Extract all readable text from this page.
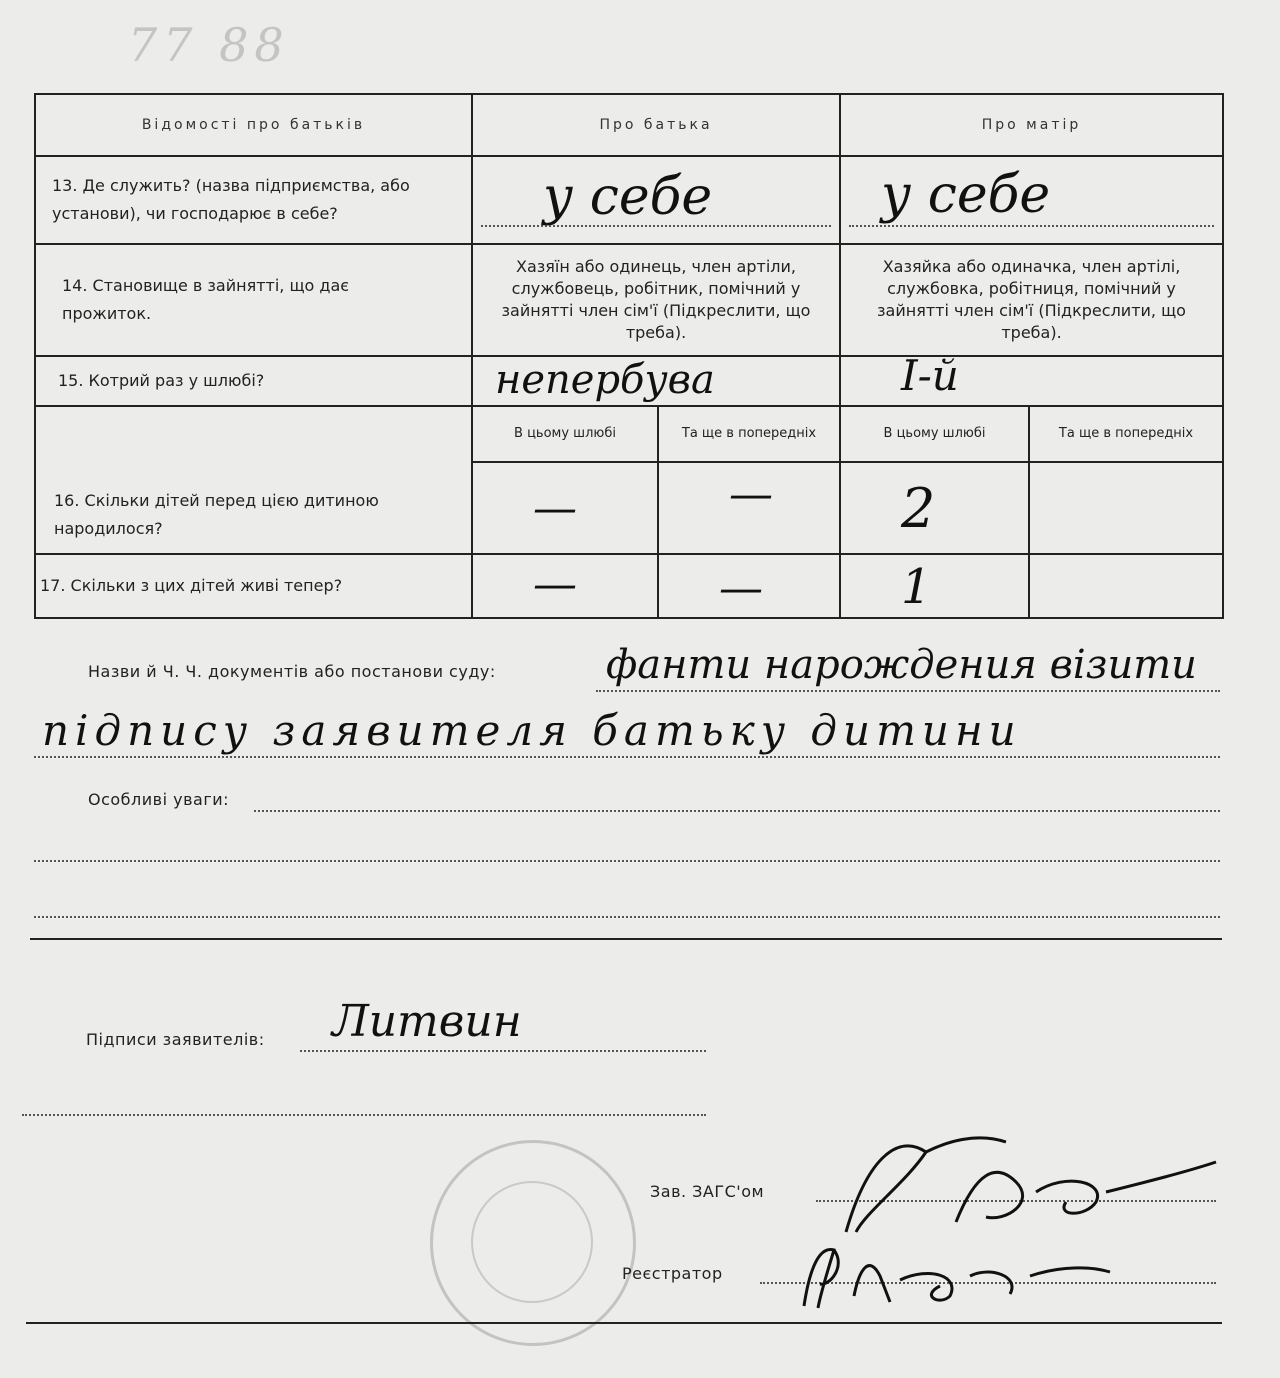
77 88
Відомості про батьків	Про батька		Про матір	
13. Де служить? (назва підприємства, або установи), чи господарює в себе?	у себе		у себе	

14. Становище в зайнятті, що дає прожиток.	Хазяїн або одинець, член артіли, службовець, робітник, помічний у зайнятті член сім'ї (Підкреслити, що треба).		Хазяйка або одиначка, член артілі, службовка, робітниця, помічний у зайнятті член сім'ї (Підкреслити, що треба).	
15. Котрий раз у шлюбі?	непербува		І-й	

16. Скільки дітей перед цією дитиною народилося?	В цьому шлюбі	Та ще в попередніх	В цьому шлюбі	Та ще в попередніх

	—	—	2	

17. Скільки з цих дітей живі тепер?	—	—	1	

Назви й Ч. Ч. документів або постанови суду:	фанти нарождения візити
підпису заявителя батьку дитини
Особливі уваги:
Підписи заявителів: Литвин
Зав. ЗАГС'ом
Реєстратор
